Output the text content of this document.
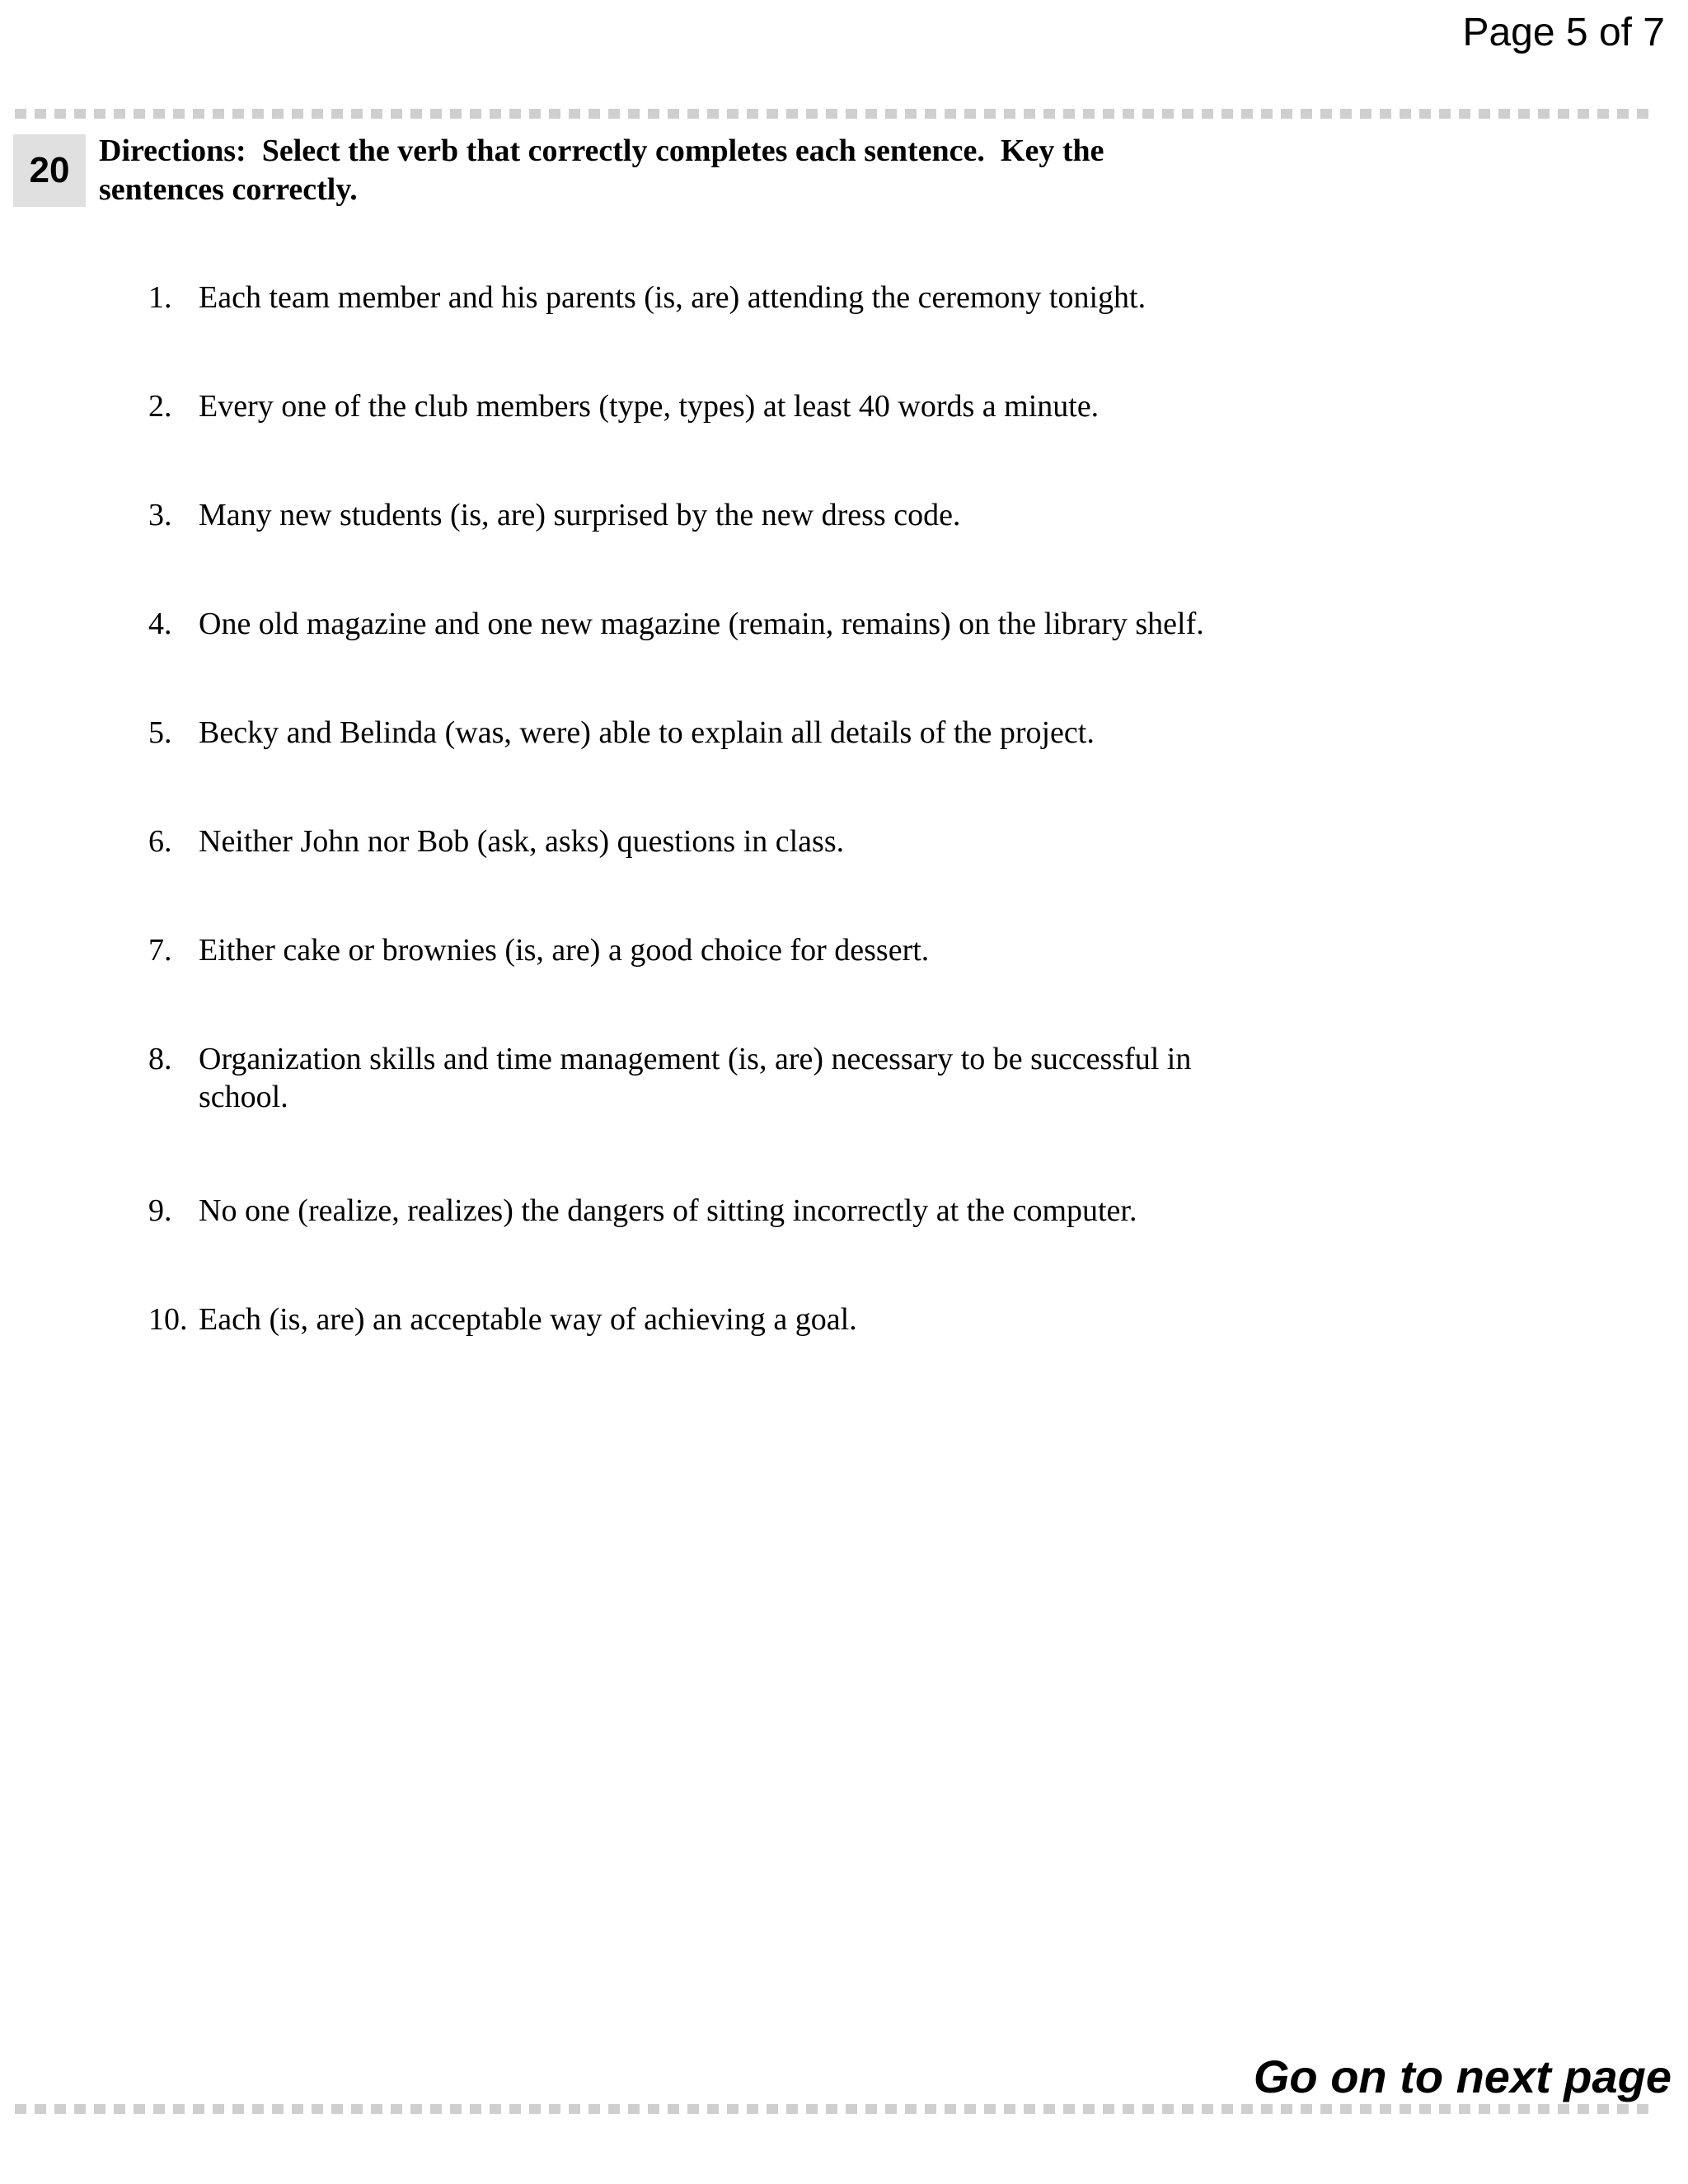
Page 5 of 7
20 Directions:  Select the verb that correctly completes each sentence.  Key the
sentences correctly.

1. Each team member and his parents (is, are) attending the ceremony tonight.
2. Every one of the club members (type, types) at least 40 words a minute.
3. Many new students (is, are) surprised by the new dress code.
4. One old magazine and one new magazine (remain, remains) on the library shelf.
5. Becky and Belinda (was, were) able to explain all details of the project.
6. Neither John nor Bob (ask, asks) questions in class.
7. Either cake or brownies (is, are) a good choice for dessert.
8. Organization skills and time management (is, are) necessary to be successful in school.
9. No one (realize, realizes) the dangers of sitting incorrectly at the computer.
10. Each (is, are) an acceptable way of achieving a goal.
Go on to next page
